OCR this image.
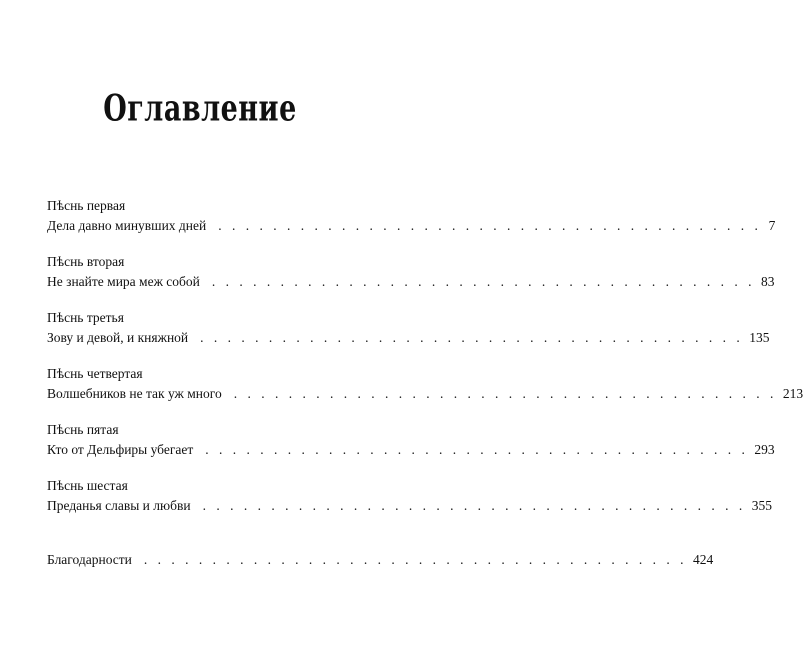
Оглавление
Пѣснь первая
Дела давно минувших дней . . . . . . . . . . . . . . . . . . . . . . . . . . . . . . . . . . . . . . . . 7
Пѣснь вторая
Не знайте мира меж собой . . . . . . . . . . . . . . . . . . . . . . . . . . . . . . . . . . . . . . . . 83
Пѣснь третья
Зову и девой, и княжной . . . . . . . . . . . . . . . . . . . . . . . . . . . . . . . . . . . . . . . . 135
Пѣснь четвертая
Волшебников не так уж много . . . . . . . . . . . . . . . . . . . . . . . . . . . . . . . . . . . . . . . . 213
Пѣснь пятая
Кто от Дельфиры убегает . . . . . . . . . . . . . . . . . . . . . . . . . . . . . . . . . . . . . . . . 293
Пѣснь шестая
Преданья славы и любви . . . . . . . . . . . . . . . . . . . . . . . . . . . . . . . . . . . . . . . . 355
Благодарности . . . . . . . . . . . . . . . . . . . . . . . . . . . . . . . . . . . . . . . . 424
